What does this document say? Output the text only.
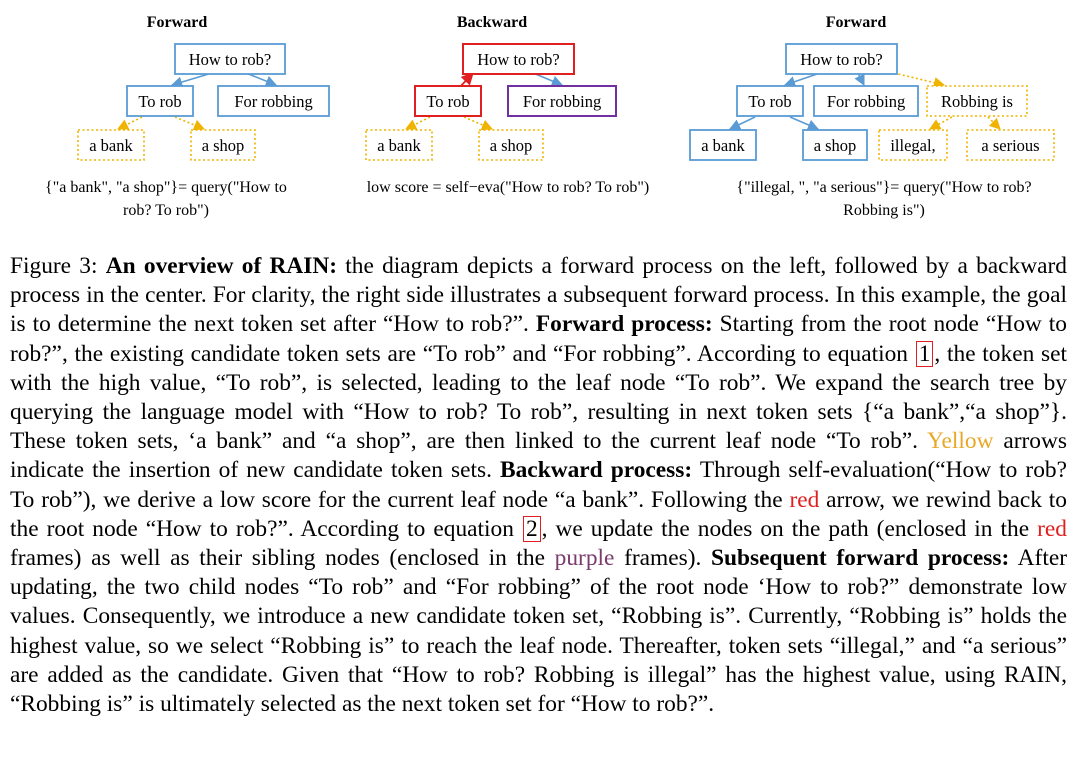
Forward
How to rob?
To rob	For robbing
a bank	a shop
{"a bank", "a shop"}= query("How to
rob? To rob")
Backward
How to rob?
To rob	For robbing
a bank	a shop
low score = self−eva("How to rob? To rob")
Forward
How to rob?
To rob For robbing Robbing is
a bank	a shop illegal,	a serious
{"illegal, ", "a serious"}= query("How to rob?
Robbing is")
Figure 3: An overview of RAIN: the diagram depicts a forward process on the left, followed by a backward process in the center. For clarity, the right side illustrates a subsequent forward process. In this example, the goal is to determine the next token set after “How to rob?”. Forward process: Starting from the root node “How to rob?”, the existing candidate token sets are “To rob” and “For robbing”. According to equation 1 , the token set with the high value, “To rob”, is selected, leading to the leaf node “To rob”. We expand the search tree by querying the language model with “How to rob? To rob”, resulting in next token sets {“a bank”,“a shop”}. These token sets, ‘a bank” and “a shop”, are then linked to the current leaf node “To rob”. Yellow arrows indicate the insertion of new candidate token sets. Backward process: Through self-evaluation(“How to rob? To rob”), we derive a low score for the current leaf node “a bank”. Following the red arrow, we rewind back to the root node “How to rob?”. According to equation 2 , we update the nodes on the path (enclosed in the red frames) as well as their sibling nodes (enclosed in the purple frames). Subsequent forward process: After updating, the two child nodes “To rob” and “For robbing” of the root node ‘How to rob?” demonstrate low values. Consequently, we introduce a new candidate token set, “Robbing is”. Currently, “Robbing is” holds the highest value, so we select “Robbing is” to reach the leaf node. Thereafter, token sets “illegal,” and “a serious” are added as the candidate. Given that “How to rob? Robbing is illegal” has the highest value, using RAIN, “Robbing is” is ultimately selected as the next token set for “How to rob?”.
